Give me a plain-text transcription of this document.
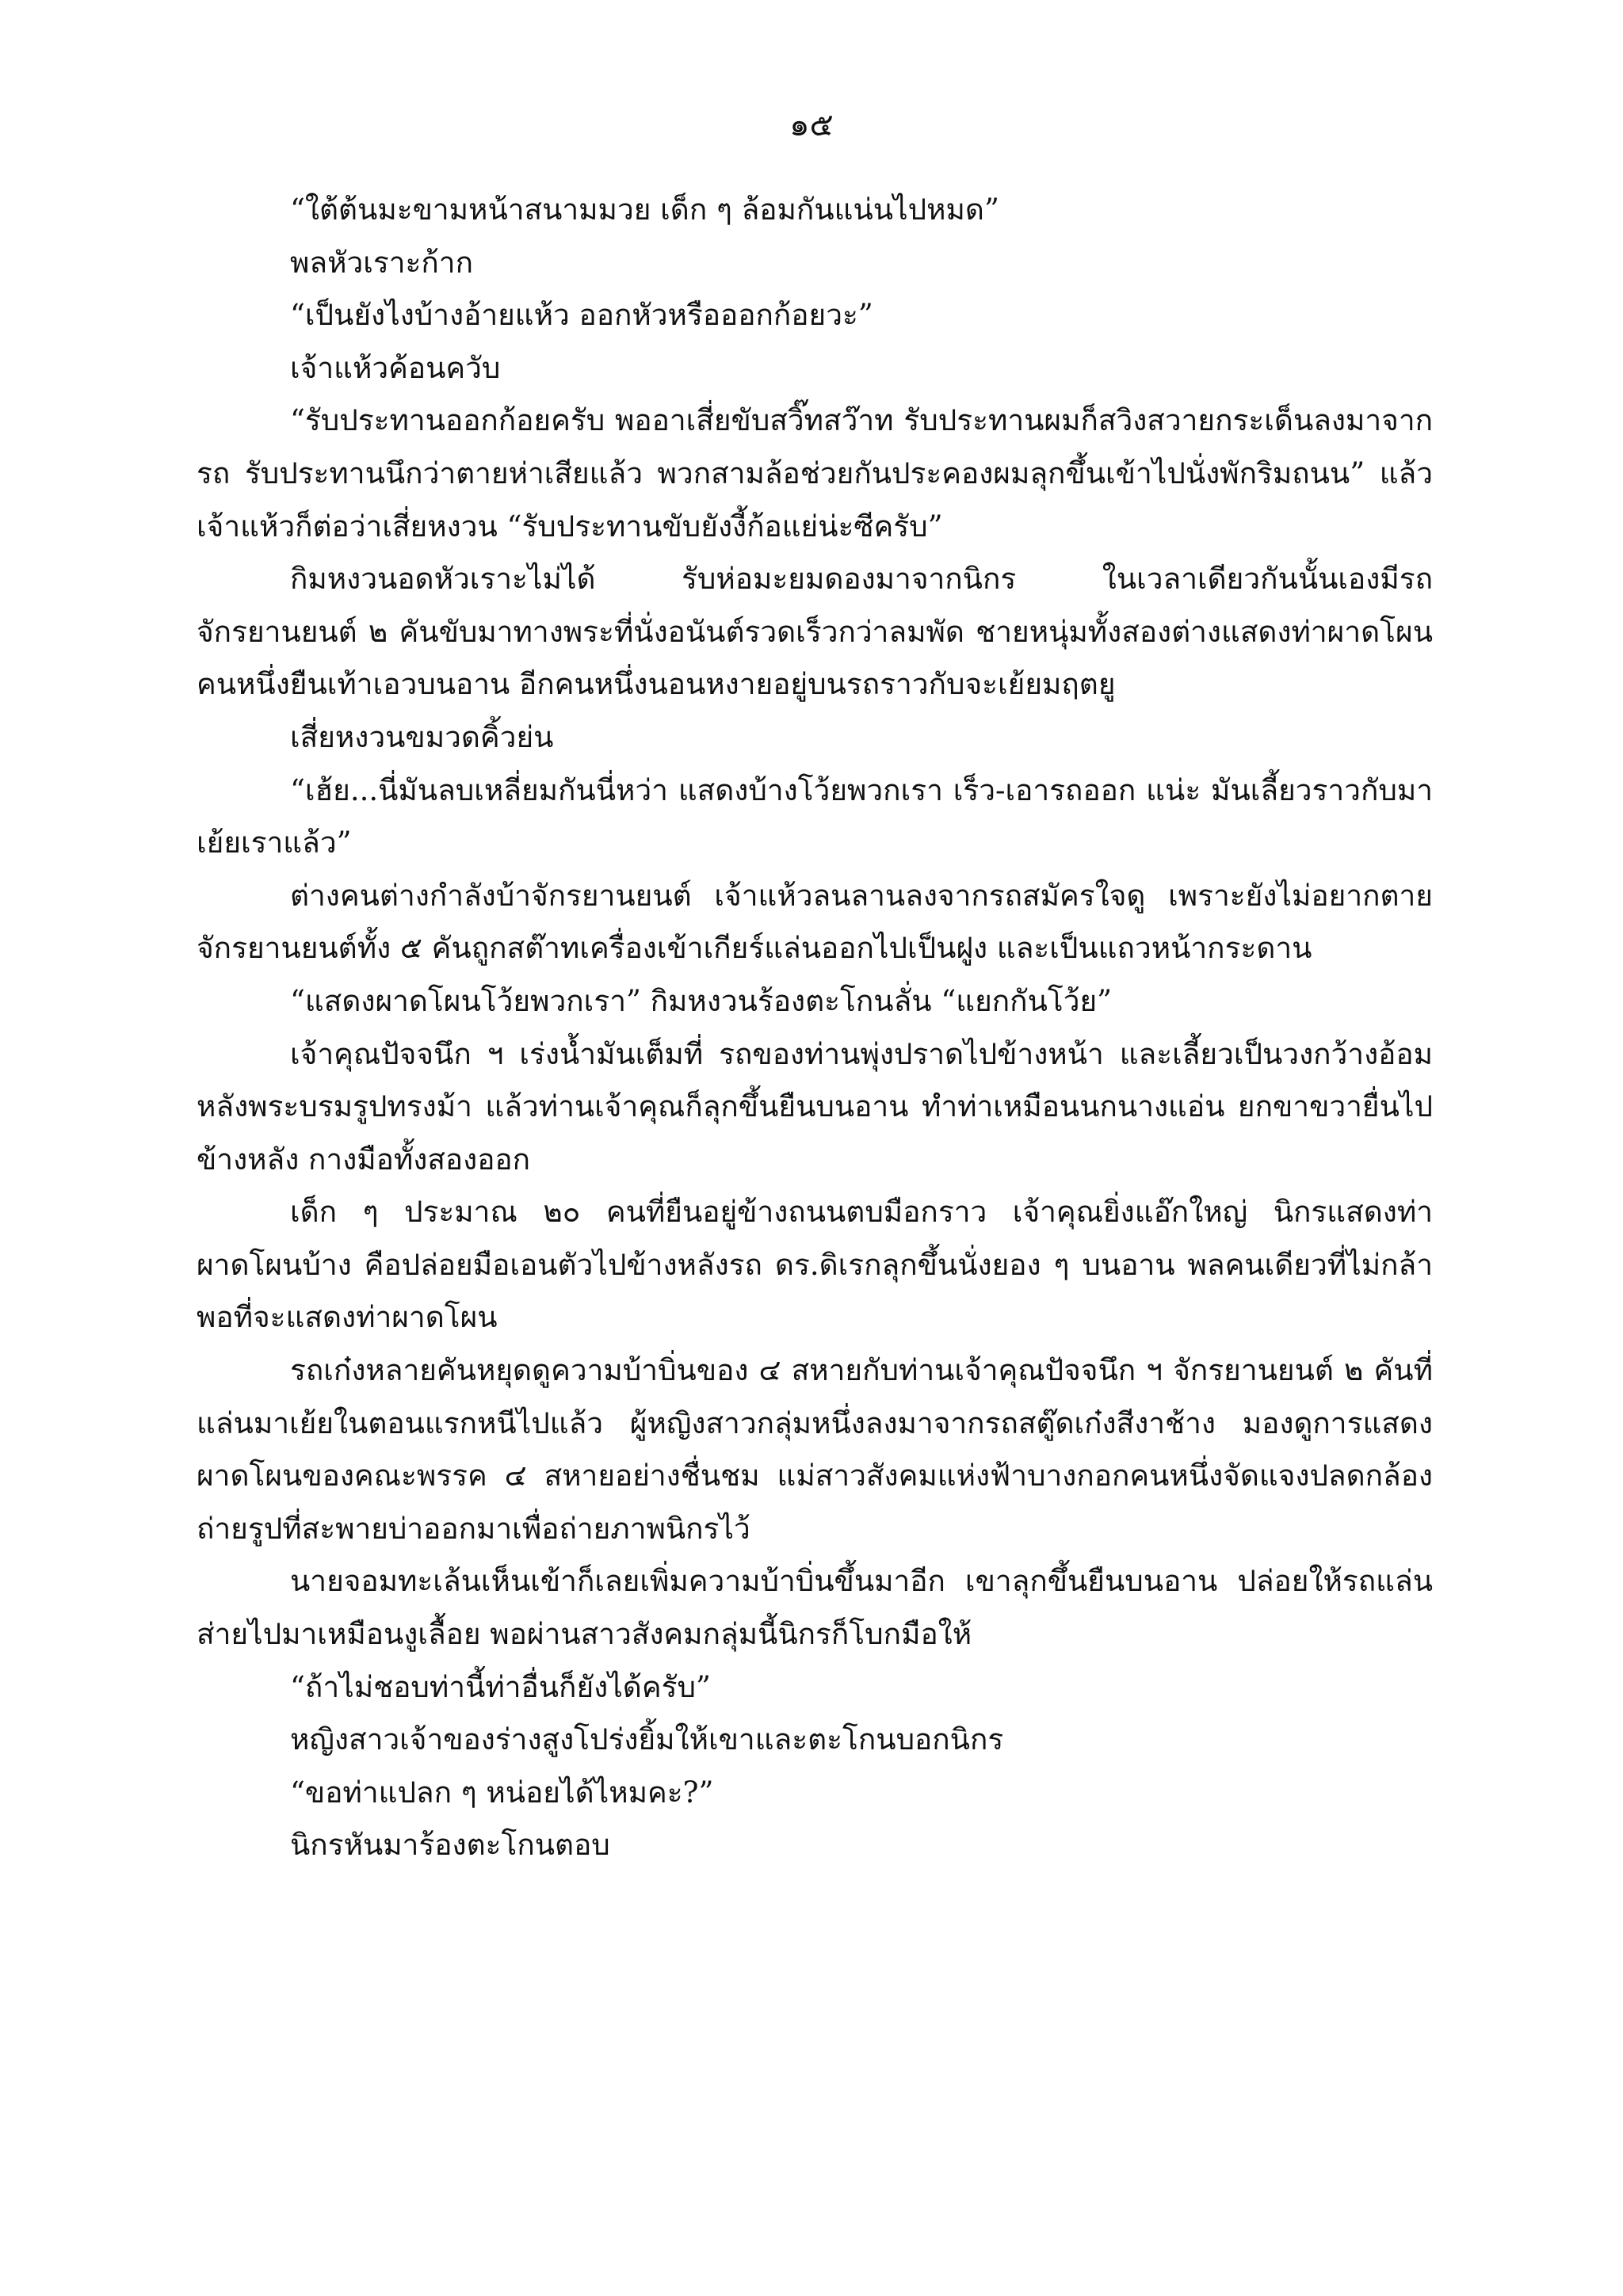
๑๕

“ใต้ต้นมะขามหน้าสนามมวย เด็ก ๆ ล้อมกันแน่นไปหมด”

พลหัวเราะก้าก

“เป็นยังไงบ้างอ้ายแห้ว ออกหัวหรือออกก้อยวะ”

เจ้าแห้วค้อนควับ

“รับประทานออกก้อยครับ พออาเสี่ยขับสวิ๊ทสว๊าท รับประทานผมก็สวิงสวายกระเด็นลงมาจากรถ รับประทานนึกว่าตายห่าเสียแล้ว พวกสามล้อช่วยกันประคองผมลุกขึ้นเข้าไปนั่งพักริมถนน” แล้วเจ้าแห้วก็ต่อว่าเสี่ยหงวน “รับประทานขับยังงี้ก้อแย่น่ะซีครับ”

กิมหงวนอดหัวเราะไม่ได้ รับห่อมะยมดองมาจากนิกร ในเวลาเดียวกันนั้นเองมีรถจักรยานยนต์ ๒ คันขับมาทางพระที่นั่งอนันต์รวดเร็วกว่าลมพัด ชายหนุ่มทั้งสองต่างแสดงท่าผาดโผน คนหนึ่งยืนเท้าเอวบนอาน อีกคนหนึ่งนอนหงายอยู่บนรถราวกับจะเย้ยมฤตยู

เสี่ยหงวนขมวดคิ้วย่น

“เฮ้ย...นี่มันลบเหลี่ยมกันนี่หว่า แสดงบ้างโว้ยพวกเรา เร็ว-เอารถออก แน่ะ มันเลี้ยวราวกับมาเย้ยเราแล้ว”

ต่างคนต่างกำลังบ้าจักรยานยนต์ เจ้าแห้วลนลานลงจากรถสมัครใจดู เพราะยังไม่อยากตาย จักรยานยนต์ทั้ง ๕ คันถูกสต๊าทเครื่องเข้าเกียร์แล่นออกไปเป็นฝูง และเป็นแถวหน้ากระดาน

“แสดงผาดโผนโว้ยพวกเรา” กิมหงวนร้องตะโกนลั่น “แยกกันโว้ย”

เจ้าคุณปัจจนึก ฯ เร่งน้ำมันเต็มที่ รถของท่านพุ่งปราดไปข้างหน้า และเลี้ยวเป็นวงกว้างอ้อมหลังพระบรมรูปทรงม้า แล้วท่านเจ้าคุณก็ลุกขึ้นยืนบนอาน ทำท่าเหมือนนกนางแอ่น ยกขาขวายื่นไปข้างหลัง กางมือทั้งสองออก

เด็ก ๆ ประมาณ ๒๐ คนที่ยืนอยู่ข้างถนนตบมือกราว เจ้าคุณยิ่งแอ๊กใหญ่ นิกรแสดงท่าผาดโผนบ้าง คือปล่อยมือเอนตัวไปข้างหลังรถ ดร.ดิเรกลุกขึ้นนั่งยอง ๆ บนอาน พลคนเดียวที่ไม่กล้าพอที่จะแสดงท่าผาดโผน

รถเก๋งหลายคันหยุดดูความบ้าบิ่นของ ๔ สหายกับท่านเจ้าคุณปัจจนึก ฯ จักรยานยนต์ ๒ คันที่แล่นมาเย้ยในตอนแรกหนีไปแล้ว ผู้หญิงสาวกลุ่มหนึ่งลงมาจากรถสตู๊ดเก๋งสีงาช้าง มองดูการแสดงผาดโผนของคณะพรรค ๔ สหายอย่างชื่นชม แม่สาวสังคมแห่งฟ้าบางกอกคนหนึ่งจัดแจงปลดกล้องถ่ายรูปที่สะพายบ่าออกมาเพื่อถ่ายภาพนิกรไว้

นายจอมทะเล้นเห็นเข้าก็เลยเพิ่มความบ้าบิ่นขึ้นมาอีก เขาลุกขึ้นยืนบนอาน ปล่อยให้รถแล่นส่ายไปมาเหมือนงูเลื้อย พอผ่านสาวสังคมกลุ่มนี้นิกรก็โบกมือให้

“ถ้าไม่ชอบท่านี้ท่าอื่นก็ยังได้ครับ”

หญิงสาวเจ้าของร่างสูงโปร่งยิ้มให้เขาและตะโกนบอกนิกร

“ขอท่าแปลก ๆ หน่อยได้ไหมคะ?”

นิกรหันมาร้องตะโกนตอบ
